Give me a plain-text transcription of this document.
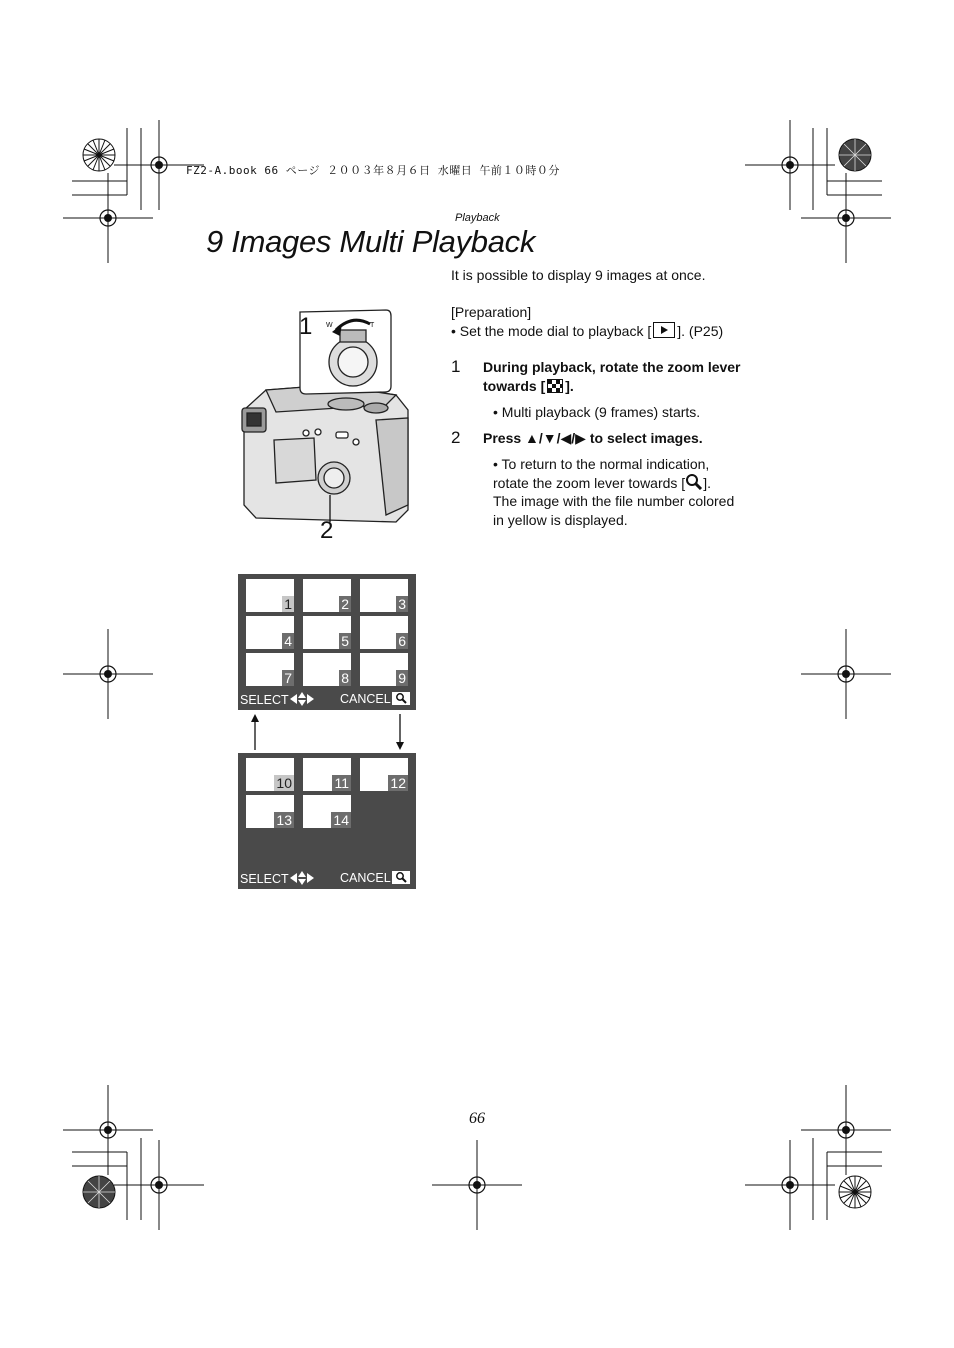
FZ2-A.book 66 ページ ２００３年８月６日 水曜日 午前１０時０分
Playback
9 Images Multi Playback
It is possible to display 9 images at once.
[Preparation]
• Set the mode dial to playback [ ]. (P25)
1 During playback, rotate the zoom lever towards [ ].
• Multi playback (9 frames) starts.
2 Press ▲/▼/◀/▶ to select images.
• To return to the normal indication,
rotate the zoom lever towards [ ].
The image with the file number colored
in yellow is displayed.
1 W	T
2
1	2	3
4	5	6
7	8	9
SELECT	CANCEL
10	11	12
13	14
SELECT	CANCEL
66
